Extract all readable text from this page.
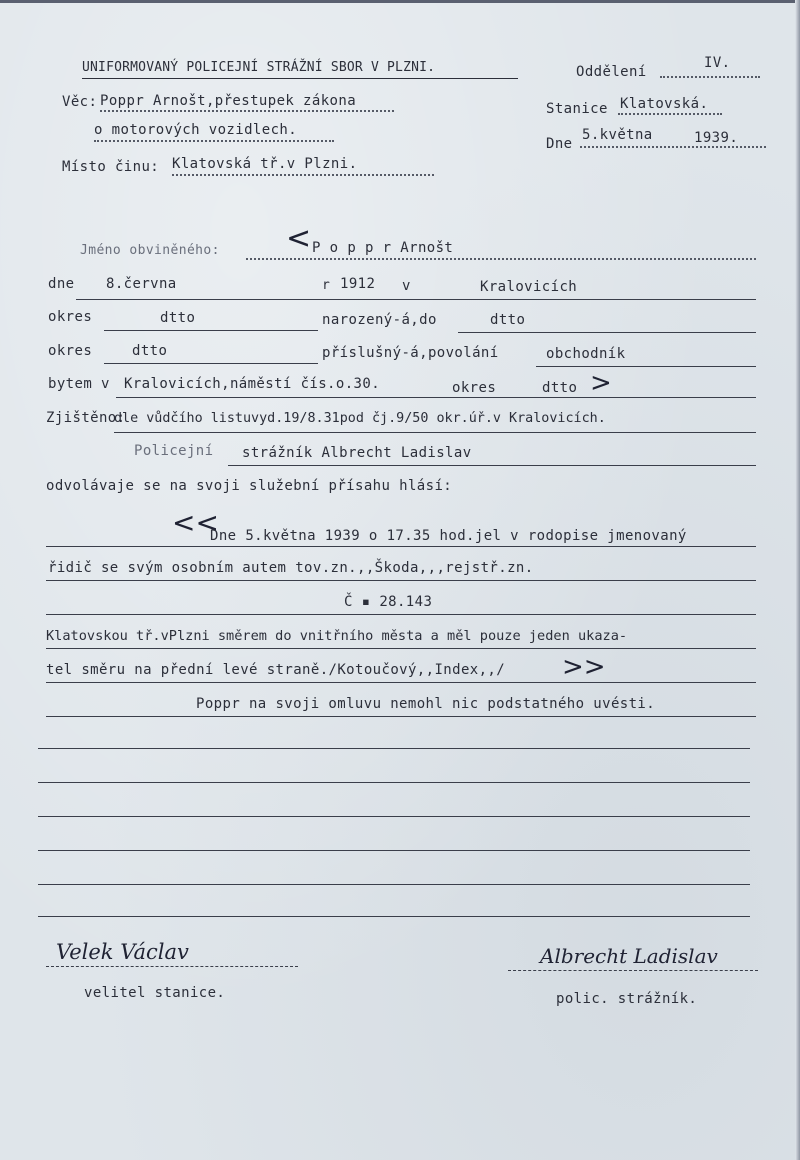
UNIFORMOVANÝ POLICEJNÍ STRÁŽNÍ SBOR V PLZNI.
Věc: Poppr Arnošt,přestupek zákona
o motorových vozidlech.
Místo činu: Klatovská tř.v Plzni.
Oddělení
IV.
Stanice Klatovská.
Dne
5.května	1939.
Jméno obviněného: < P o p p r Arnošt
dne 8.června	r 1912 v	Kralovicích
okres	dtto	narozený-á,do	dtto
okres	dtto	příslušný-á,povolání	obchodník
bytem v Kralovicích,náměstí čís.o.30.	okres	dtto >
Zjištěno:
dle vůdčího listuvyd.19/8.31pod čj.9/50 okr.úř.v Kralovicích.
Policejní strážník Albrecht Ladislav
odvolávaje se na svoji služební přísahu hlásí:
<<
Dne 5.května 1939 o 17.35 hod.jel v rodopise jmenovaný
řidič se svým osobním autem tov.zn.,,Škoda,,,rejstř.zn.
Č ▪ 28.143
Klatovskou tř.vPlzni směrem do vnitřního města a měl pouze jeden ukaza-
tel směru na přední levé straně./Kotoučový,,Index,,/ >>
Poppr na svoji omluvu nemohl nic podstatného uvésti.
Velek Václav
velitel stanice.
Albrecht Ladislav
polic. strážník.
